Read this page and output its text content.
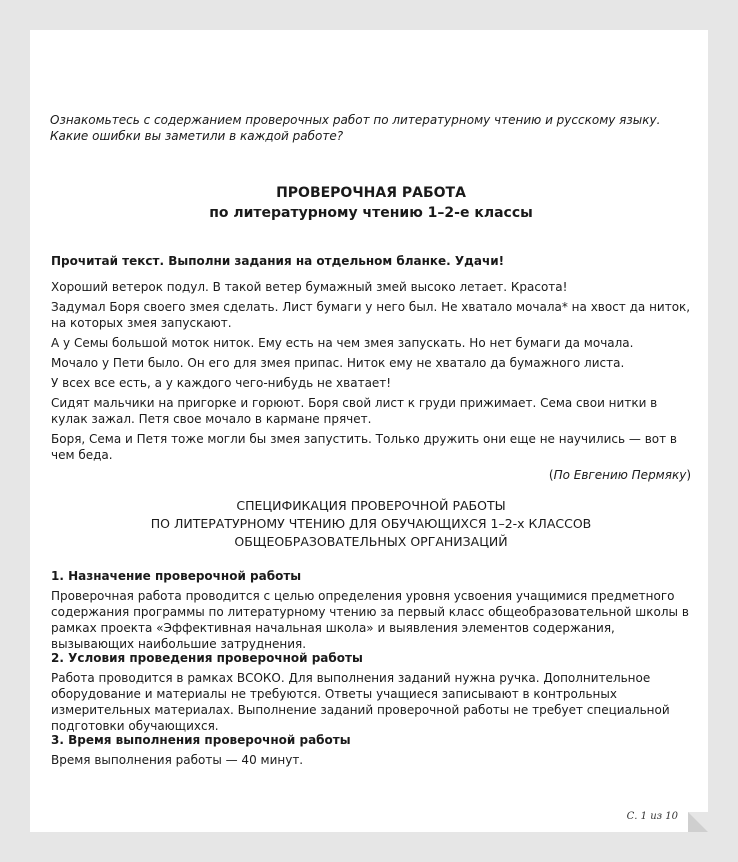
Ознакомьтесь с содержанием проверочных работ по литературному чтению и русскому языку. Какие ошибки вы заметили в каждой работе?
ПРОВЕРОЧНАЯ РАБОТА
по литературному чтению 1–2-е классы
Прочитай текст. Выполни задания на отдельном бланке. Удачи!

Хороший ветерок подул. В такой ветер бумажный змей высоко летает. Красота!

Задумал Боря своего змея сделать. Лист бумаги у него был. Не хватало мочала* на хвост да ниток, на которых змея запускают.

А у Семы большой моток ниток. Ему есть на чем змея запускать. Но нет бумаги да мочала.

Мочало у Пети было. Он его для змея припас. Ниток ему не хватало да бумажного листа.

У всех все есть, а у каждого чего-нибудь не хватает!

Сидят мальчики на пригорке и горюют. Боря свой лист к груди прижимает. Сема свои нитки в кулак зажал. Петя свое мочало в кармане прячет.

Боря, Сема и Петя тоже могли бы змея запустить. Только дружить они еще не научились — вот в чем беда.

(По Евгению Пермяку)

СПЕЦИФИКАЦИЯ ПРОВЕРОЧНОЙ РАБОТЫ
ПО ЛИТЕРАТУРНОМУ ЧТЕНИЮ ДЛЯ ОБУЧАЮЩИХСЯ 1–2-х КЛАССОВ
ОБЩЕОБРАЗОВАТЕЛЬНЫХ ОРГАНИЗАЦИЙ
1. Назначение проверочной работы
Проверочная работа проводится с целью определения уровня усвоения учащимися предметного содержания программы по литературному чтению за первый класс общеобразовательной школы в рамках проекта «Эффективная начальная школа» и выявления элементов содержания, вызывающих наибольшие затруднения.
2. Условия проведения проверочной работы
Работа проводится в рамках ВСОКО. Для выполнения заданий нужна ручка. Дополнительное оборудование и материалы не требуются. Ответы учащиеся записывают в контрольных измерительных материалах. Выполнение заданий проверочной работы не требует специальной подготовки обучающихся.
3. Время выполнения проверочной работы
Время выполнения работы — 40 минут.
С. 1 из 10
